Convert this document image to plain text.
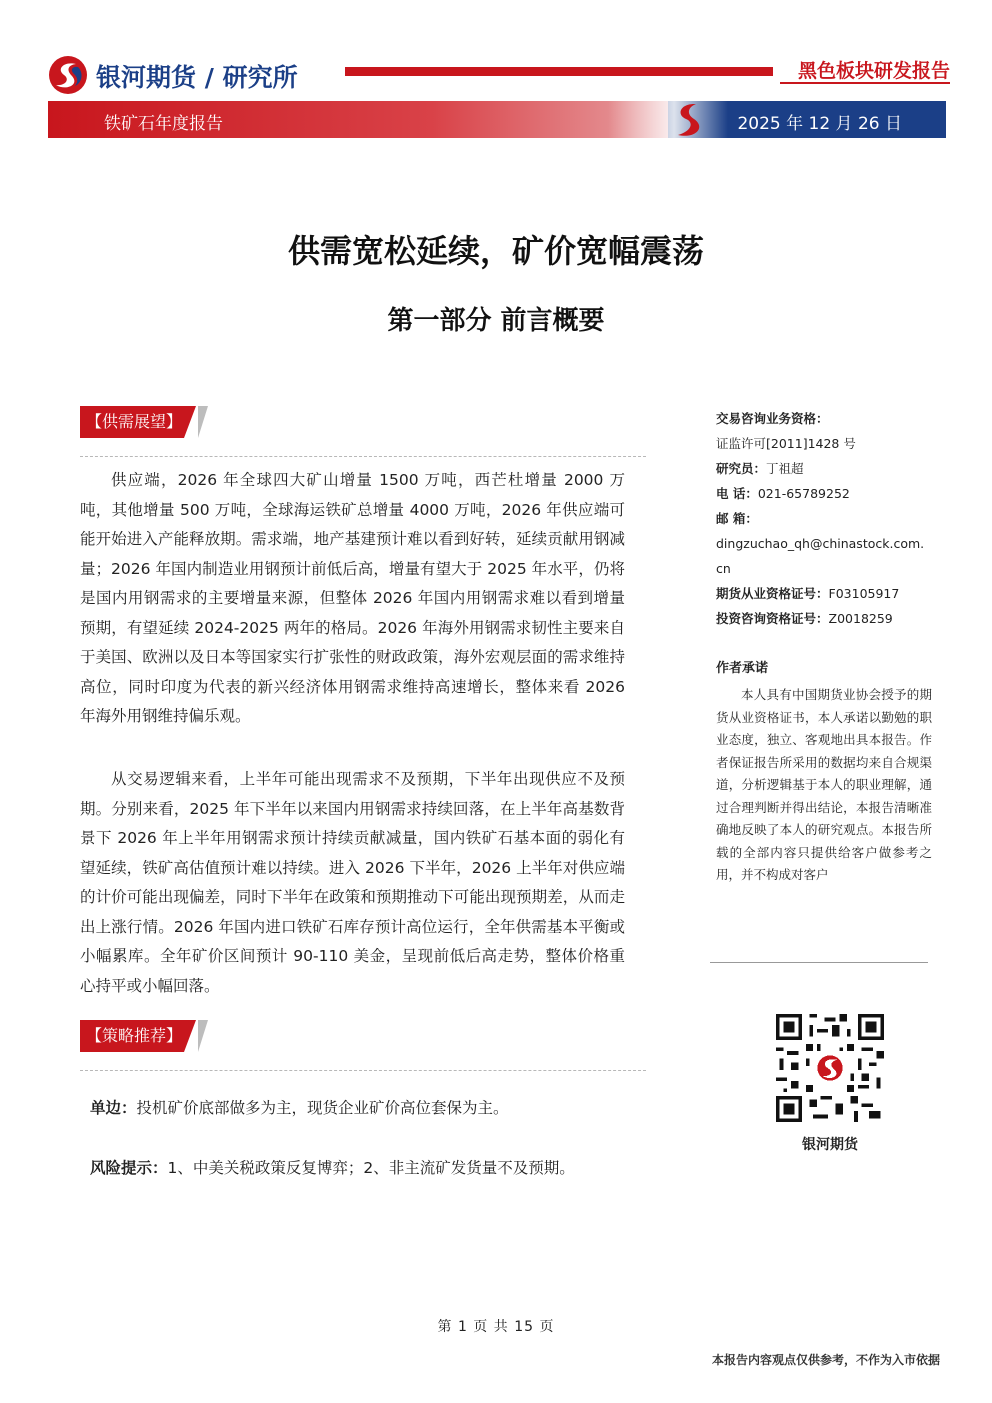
银河期货 / 研究所	黑色板块研发报告
铁矿石年度报告	2025 年 12 月 26 日
供需宽松延续，矿价宽幅震荡
第一部分 前言概要
【供需展望】

供应端，2026 年全球四大矿山增量 1500 万吨，西芒杜增量 2000 万吨，其他增量 500 万吨，全球海运铁矿总增量 4000 万吨，2026 年供应端可能开始进入产能释放期。需求端，地产基建预计难以看到好转，延续贡献用钢减量；2026 年国内制造业用钢预计前低后高，增量有望大于 2025 年水平，仍将是国内用钢需求的主要增量来源，但整体 2026 年国内用钢需求难以看到增量预期，有望延续 2024-2025 两年的格局。2026 年海外用钢需求韧性主要来自于美国、欧洲以及日本等国家实行扩张性的财政政策，海外宏观层面的需求维持高位，同时印度为代表的新兴经济体用钢需求维持高速增长，整体来看 2026 年海外用钢维持偏乐观。

从交易逻辑来看，上半年可能出现需求不及预期，下半年出现供应不及预期。分别来看，2025 年下半年以来国内用钢需求持续回落，在上半年高基数背景下 2026 年上半年用钢需求预计持续贡献减量，国内铁矿石基本面的弱化有望延续，铁矿高估值预计难以持续。进入 2026 下半年，2026 上半年对供应端的计价可能出现偏差，同时下半年在政策和预期推动下可能出现预期差，从而走出上涨行情。2026 年国内进口铁矿石库存预计高位运行，全年供需基本平衡或小幅累库。全年矿价区间预计 90-110 美金，呈现前低后高走势，整体价格重心持平或小幅回落。

【策略推荐】
单边：投机矿价底部做多为主，现货企业矿价高位套保为主。
风险提示：1、中美关税政策反复博弈；2、非主流矿发货量不及预期。
交易咨询业务资格：
证监许可[2011]1428 号
研究员：丁祖超
电 话：021-65789252
邮 箱：
dingzuchao_qh@chinastock.com.cn
期货从业资格证号：F03105917
投资咨询资格证号：Z0018259
作者承诺

本人具有中国期货业协会授予的期货从业资格证书，本人承诺以勤勉的职业态度，独立、客观地出具本报告。作者保证报告所采用的数据均来自合规渠道，分析逻辑基于本人的职业理解，通过合理判断并得出结论，本报告清晰准确地反映了本人的研究观点。本报告所载的全部内容只提供给客户做参考之用，并不构成对客户

银河期货
第 1 页 共 15 页
本报告内容观点仅供参考，不作为入市依据
